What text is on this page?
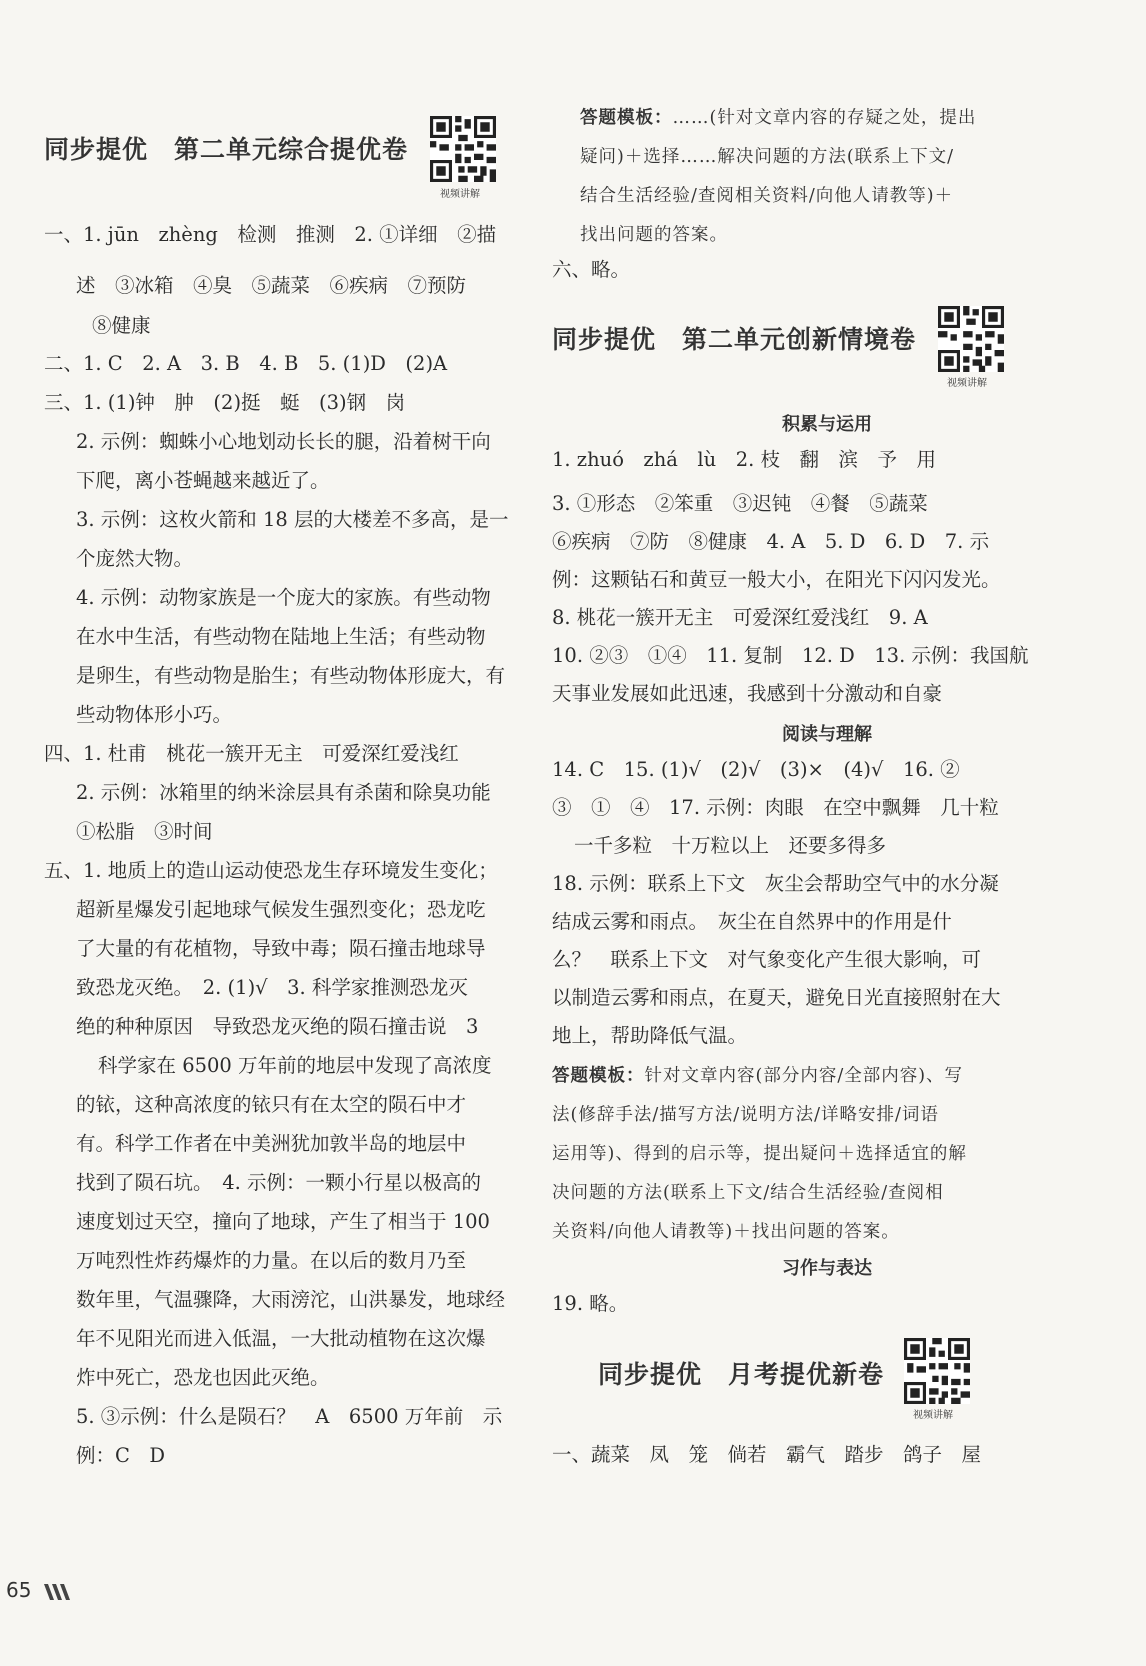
同步提优　第二单元综合提优卷
视频讲解
一、1. jūn　zhèng　检测　推测　2. ①详细　②描
述　③冰箱　④臭　⑤蔬菜　⑥疾病　⑦预防
⑧健康
二、1. C　2. A　3. B　4. B　5. (1)D　(2)A
三、1. (1)钟　肿　(2)挺　蜓　(3)钢　岗
2. 示例：蜘蛛小心地划动长长的腿，沿着树干向
下爬，离小苍蝇越来越近了。
3. 示例：这枚火箭和 18 层的大楼差不多高，是一
个庞然大物。
4. 示例：动物家族是一个庞大的家族。有些动物
在水中生活，有些动物在陆地上生活；有些动物
是卵生，有些动物是胎生；有些动物体形庞大，有
些动物体形小巧。
四、1. 杜甫　桃花一簇开无主　可爱深红爱浅红
2. 示例：冰箱里的纳米涂层具有杀菌和除臭功能
①松脂　③时间
五、1. 地质上的造山运动使恐龙生存环境发生变化；
超新星爆发引起地球气候发生强烈变化；恐龙吃
了大量的有花植物，导致中毒；陨石撞击地球导
致恐龙灭绝。　2. (1)√　3. 科学家推测恐龙灭
绝的种种原因　导致恐龙灭绝的陨石撞击说　3
科学家在 6500 万年前的地层中发现了高浓度
的铱，这种高浓度的铱只有在太空的陨石中才
有。科学工作者在中美洲犹加敦半岛的地层中
找到了陨石坑。　4. 示例：一颗小行星以极高的
速度划过天空，撞向了地球，产生了相当于 100
万吨烈性炸药爆炸的力量。在以后的数月乃至
数年里，气温骤降，大雨滂沱，山洪暴发，地球经
年不见阳光而进入低温，一大批动植物在这次爆
炸中死亡，恐龙也因此灭绝。
5. ③示例：什么是陨石？　A　6500 万年前　示
例：C　D
答题模板：……(针对文章内容的存疑之处，提出
疑问)＋选择……解决问题的方法(联系上下文/
结合生活经验/查阅相关资料/向他人请教等)＋
找出问题的答案。
六、略。
同步提优　第二单元创新情境卷
视频讲解
积累与运用
1. zhuó　zhá　lù　2. 枝　翻　滨　予　用
3. ①形态　②笨重　③迟钝　④餐　⑤蔬菜
⑥疾病　⑦防　⑧健康　4. A　5. D　6. D　7. 示
例：这颗钻石和黄豆一般大小，在阳光下闪闪发光。
8. 桃花一簇开无主　可爱深红爱浅红　9. A
10. ②③　①④　11. 复制　12. D　13. 示例：我国航
天事业发展如此迅速，我感到十分激动和自豪
阅读与理解
14. C　15. (1)√　(2)√　(3)×　(4)√　16. ②
③　①　④　17. 示例：肉眼　在空中飘舞　几十粒
一千多粒　十万粒以上　还要多得多
18. 示例：联系上下文　灰尘会帮助空气中的水分凝
结成云雾和雨点。　灰尘在自然界中的作用是什
么？　联系上下文　对气象变化产生很大影响，可
以制造云雾和雨点，在夏天，避免日光直接照射在大
地上，帮助降低气温。
答题模板：针对文章内容(部分内容/全部内容)、写
法(修辞手法/描写方法/说明方法/详略安排/词语
运用等)、得到的启示等，提出疑问＋选择适宜的解
决问题的方法(联系上下文/结合生活经验/查阅相
关资料/向他人请教等)＋找出问题的答案。
习作与表达
19. 略。
同步提优　月考提优新卷
视频讲解
一、蔬菜　凤　笼　倘若　霸气　踏步　鸽子　屋
65
